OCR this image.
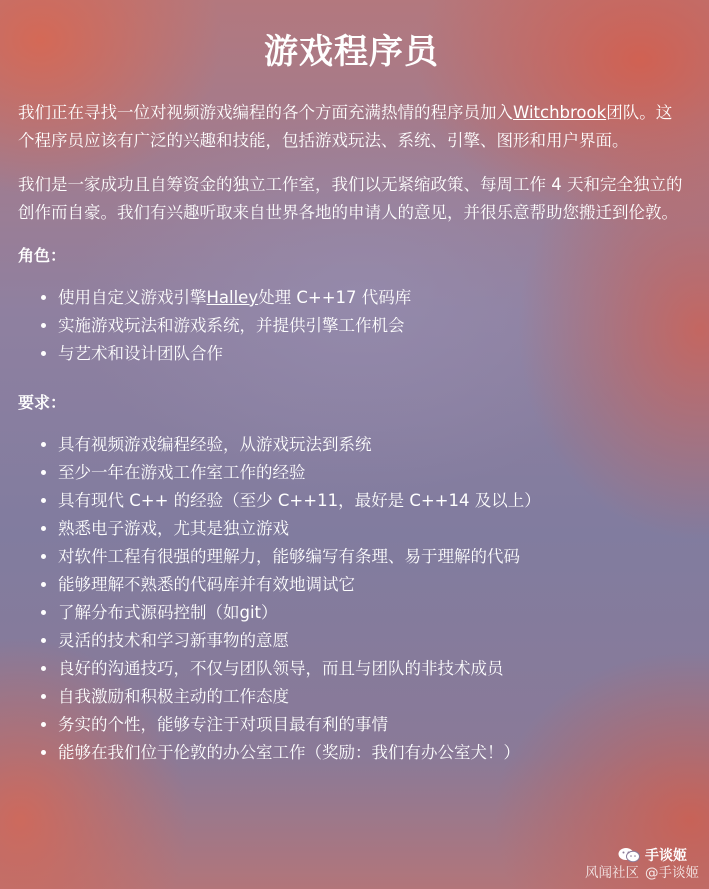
游戏程序员

我们正在寻找一位对视频游戏编程的各个方面充满热情的程序员加入Witchbrook团队。这个程序员应该有广泛的兴趣和技能，包括游戏玩法、系统、引擎、图形和用户界面。

我们是一家成功且自筹资金的独立工作室，我们以无紧缩政策、每周工作 4 天和完全独立的创作而自豪。我们有兴趣听取来自世界各地的申请人的意见，并很乐意帮助您搬迁到伦敦。

角色：
• 使用自定义游戏引擎Halley处理 C++17 代码库
• 实施游戏玩法和游戏系统，并提供引擎工作机会
• 与艺术和设计团队合作
要求：
• 具有视频游戏编程经验，从游戏玩法到系统
• 至少一年在游戏工作室工作的经验
• 具有现代 C++ 的经验（至少 C++11，最好是 C++14 及以上）
• 熟悉电子游戏，尤其是独立游戏
• 对软件工程有很强的理解力，能够编写有条理、易于理解的代码
• 能够理解不熟悉的代码库并有效地调试它
• 了解分布式源码控制（如git）
• 灵活的技术和学习新事物的意愿
• 良好的沟通技巧，不仅与团队领导，而且与团队的非技术成员
• 自我激励和积极主动的工作态度
• 务实的个性，能够专注于对项目最有利的事情
• 能够在我们位于伦敦的办公室工作（奖励：我们有办公室犬！）
手谈姬
风闻社区 @手谈姬
